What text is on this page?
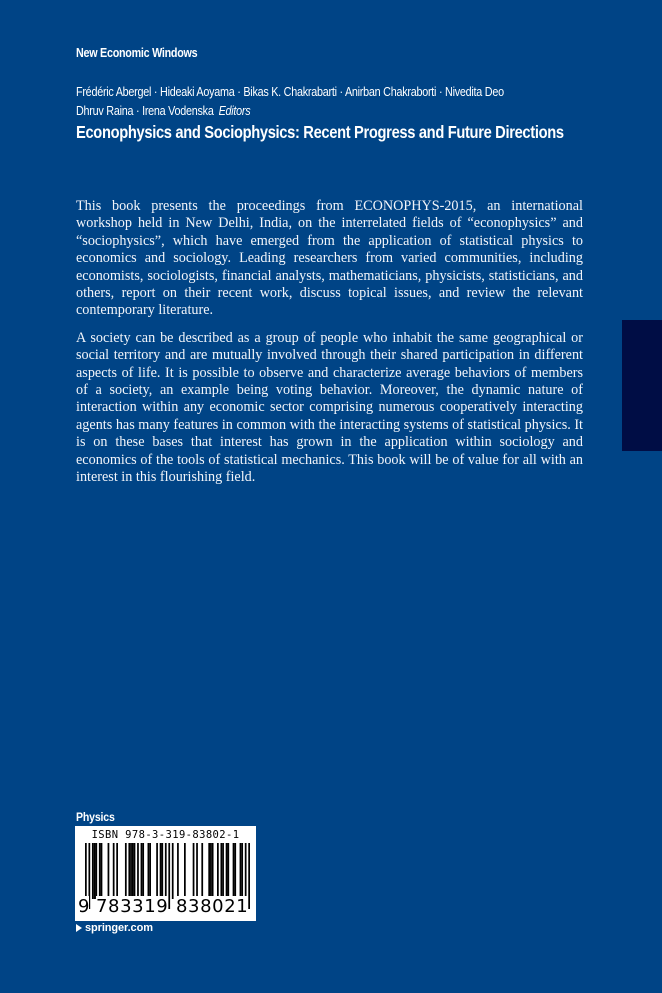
New Economic Windows
Frédéric Abergel · Hideaki Aoyama · Bikas K. Chakrabarti · Anirban Chakraborti · Nivedita Deo
Dhruv Raina · Irena Vodenska Editors
Econophysics and Sociophysics: Recent Progress and Future Directions

This book presents the proceedings from ECONOPHYS-2015, an international workshop held in New Delhi, India, on the interrelated fields of “econophysics” and “sociophysics”, which have emerged from the application of statistical physics to economics and sociology. Leading researchers from varied communities, including economists, sociologists, financial analysts, mathematicians, physicists, statisticians, and others, report on their recent work, discuss topical issues, and review the relevant contemporary literature.

A society can be described as a group of people who inhabit the same geographical or social territory and are mutually involved through their shared participation in different aspects of life. It is possible to observe and characterize average behaviors of members of a society, an example being voting behavior. Moreover, the dynamic nature of interaction within any economic sector comprising numerous cooperatively interacting agents has many features in common with the interacting systems of statistical physics. It is on these bases that interest has grown in the application within sociology and economics of the tools of statistical mechanics. This book will be of value for all with an interest in this flourishing field.

Physics
ISBN 978-3-319-83802-1
9 783319 838021
springer.com
